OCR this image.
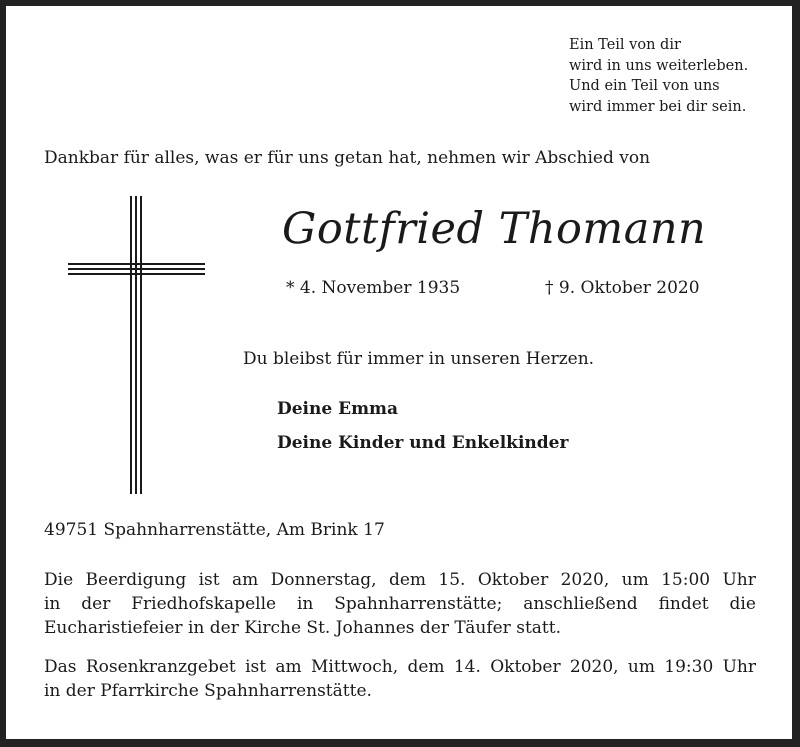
Ein Teil von dir
wird in uns weiterleben.
Und ein Teil von uns
wird immer bei dir sein.
Dankbar für alles, was er für uns getan hat, nehmen wir Abschied von
Gottfried Thomann
* 4. November 1935	† 9. Oktober 2020
Du bleibst für immer in unseren Herzen.
Deine Emma
Deine Kinder und Enkelkinder
49751 Spahnharrenstätte, Am Brink 17
Die Beerdigung ist am Donnerstag, dem 15. Oktober 2020, um 15:00 Uhr
in der Friedhofskapelle in Spahnharrenstätte; anschließend findet die
Eucharistiefeier in der Kirche St. Johannes der Täufer statt.
Das Rosenkranzgebet ist am Mittwoch, dem 14. Oktober 2020, um 19:30 Uhr
in der Pfarrkirche Spahnharrenstätte.
